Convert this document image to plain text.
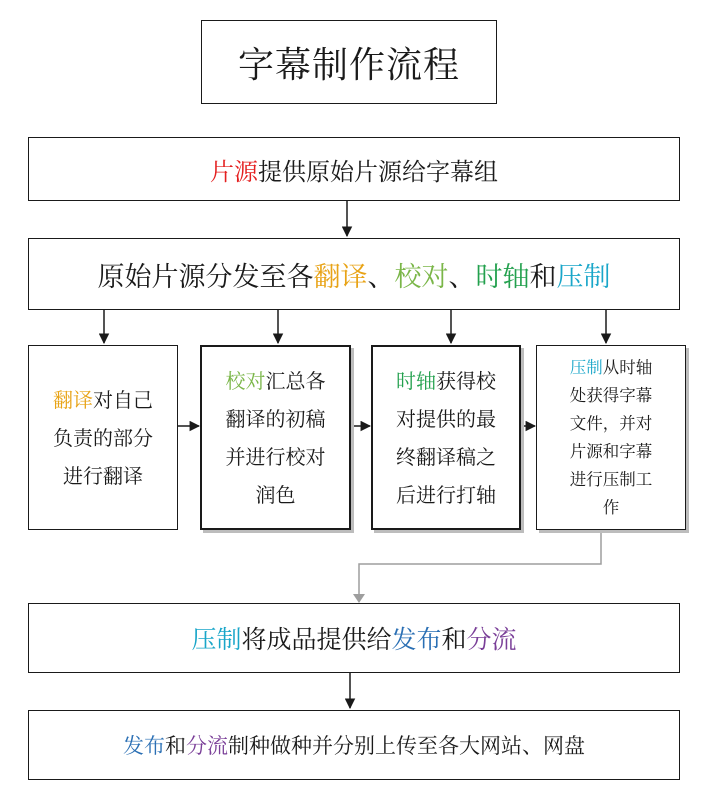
字幕制作流程
片源提供原始片源给字幕组
原始片源分发至各翻译、校对、时轴和压制
翻译对自己
负责的部分
进行翻译
校对汇总各
翻译的初稿
并进行校对
润色
时轴获得校
对提供的最
终翻译稿之
后进行打轴
压制从时轴
处获得字幕
文件，并对
片源和字幕
进行压制工
作
压制将成品提供给发布和分流
发布和分流制种做种并分别上传至各大网站、网盘
